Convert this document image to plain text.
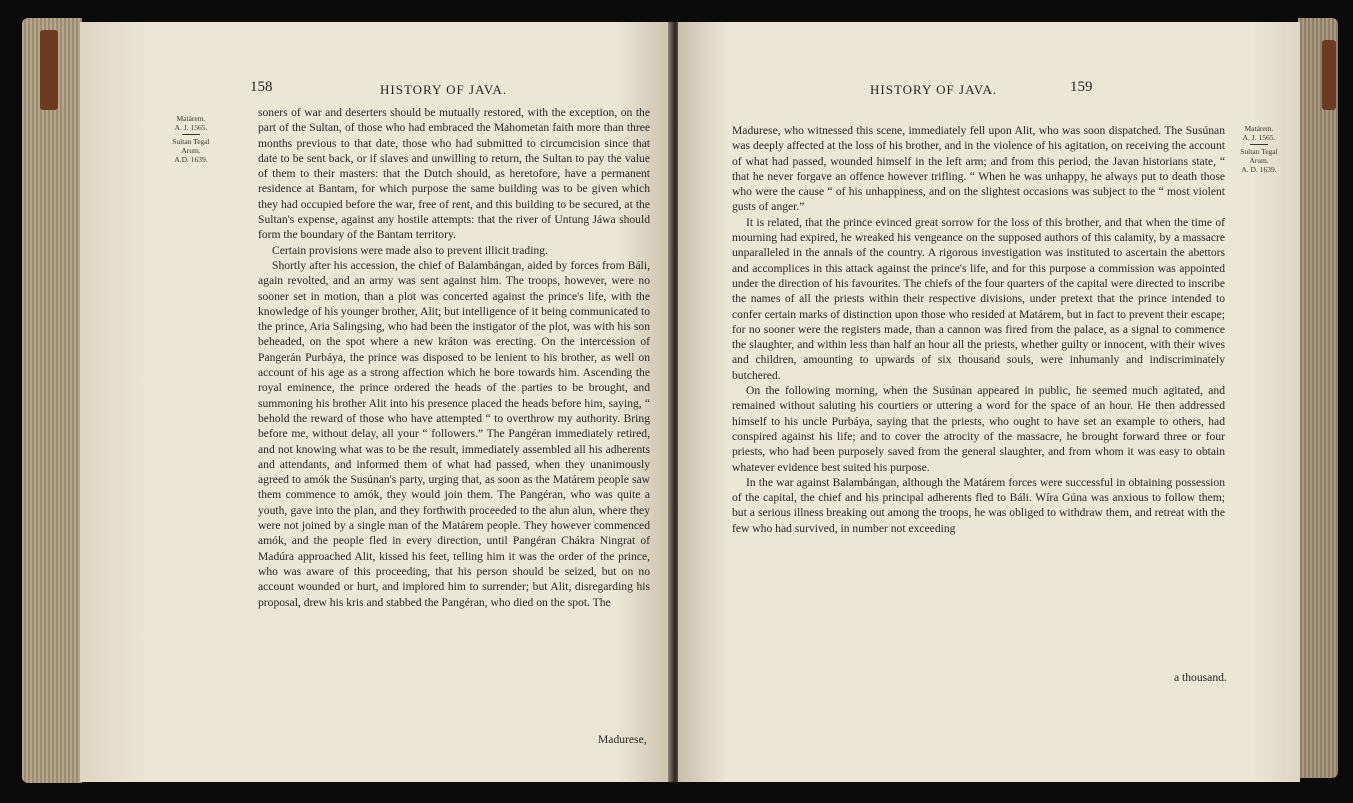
158	HISTORY OF JAVA.
Matárem.
A. J. 1565.
Sultan Tegal
Arum.
A.D. 1639.

soners of war and deserters should be mutually restored, with the exception, on the part of the Sultan, of those who had embraced the Mahometan faith more than three months previous to that date, those who had submitted to circumcision since that date to be sent back, or if slaves and unwilling to return, the Sultan to pay the value of them to their masters: that the Dutch should, as heretofore, have a permanent residence at Bantam, for which purpose the same building was to be given which they had occupied before the war, free of rent, and this building to be secured, at the Sultan's expense, against any hostile attempts: that the river of Untung Jáwa should form the boundary of the Bantam territory.

Certain provisions were made also to prevent illicit trading.

Shortly after his accession, the chief of Balambángan, aided by forces from Báli, again revolted, and an army was sent against him. The troops, however, were no sooner set in motion, than a plot was concerted against the prince's life, with the knowledge of his younger brother, Alit; but intelligence of it being communicated to the prince, Aria Salingsing, who had been the instigator of the plot, was with his son beheaded, on the spot where a new kráton was erecting. On the intercession of Pangerán Purbáya, the prince was disposed to be lenient to his brother, as well on account of his age as a strong affection which he bore towards him. Ascending the royal eminence, the prince ordered the heads of the parties to be brought, and summoning his brother Alit into his presence placed the heads before him, saying, “ behold the reward of those who have attempted “ to overthrow my authority. Bring before me, without delay, all your “ followers.” The Pangéran immediately retired, and not knowing what was to be the result, immediately assembled all his adherents and attendants, and informed them of what had passed, when they unanimously agreed to amók the Susúnan's party, urging that, as soon as the Matárem people saw them commence to amók, they would join them. The Pangéran, who was quite a youth, gave into the plan, and they forthwith proceeded to the alun alun, where they were not joined by a single man of the Matárem people. They however commenced amók, and the people fled in every direction, until Pangéran Chákra Ningrat of Madúra approached Alit, kissed his feet, telling him it was the order of the prince, who was aware of this proceeding, that his person should be seized, but on no account wounded or hurt, and implored him to surrender; but Alit, disregarding his proposal, drew his kris and stabbed the Pangéran, who died on the spot. The

Madurese,
HISTORY OF JAVA.	159

Madurese, who witnessed this scene, immediately fell upon Alit, who was soon dispatched. The Susúnan was deeply affected at the loss of his brother, and in the violence of his agitation, on receiving the account of what had passed, wounded himself in the left arm; and from this period, the Javan historians state, “ that he never forgave an offence however trifling. “ When he was unhappy, he always put to death those who were the cause “ of his unhappiness, and on the slightest occasions was subject to the “ most violent gusts of anger.”

It is related, that the prince evinced great sorrow for the loss of this brother, and that when the time of mourning had expired, he wreaked his vengeance on the supposed authors of this calamity, by a massacre unparalleled in the annals of the country. A rigorous investigation was instituted to ascertain the abettors and accomplices in this attack against the prince's life, and for this purpose a commission was appointed under the direction of his favourites. The chiefs of the four quarters of the capital were directed to inscribe the names of all the priests within their respective divisions, under pretext that the prince intended to confer certain marks of distinction upon those who resided at Matárem, but in fact to prevent their escape; for no sooner were the registers made, than a cannon was fired from the palace, as a signal to commence the slaughter, and within less than half an hour all the priests, whether guilty or innocent, with their wives and children, amounting to upwards of six thousand souls, were inhumanly and indiscriminately butchered.

On the following morning, when the Susúnan appeared in public, he seemed much agitated, and remained without saluting his courtiers or uttering a word for the space of an hour. He then addressed himself to his uncle Purbáya, saying that the priests, who ought to have set an example to others, had conspired against his life; and to cover the atrocity of the massacre, he brought forward three or four priests, who had been purposely saved from the general slaughter, and from whom it was easy to obtain whatever evidence best suited his purpose.

In the war against Balambángan, although the Matárem forces were successful in obtaining possession of the capital, the chief and his principal adherents fled to Báli. Wíra Gúna was anxious to follow them; but a serious illness breaking out among the troops, he was obliged to withdraw them, and retreat with the few who had survived, in number not exceeding

a thousand.
Matárem.
A. J. 1565.
Sultan Tegal
Arum.
A. D. 1639.
